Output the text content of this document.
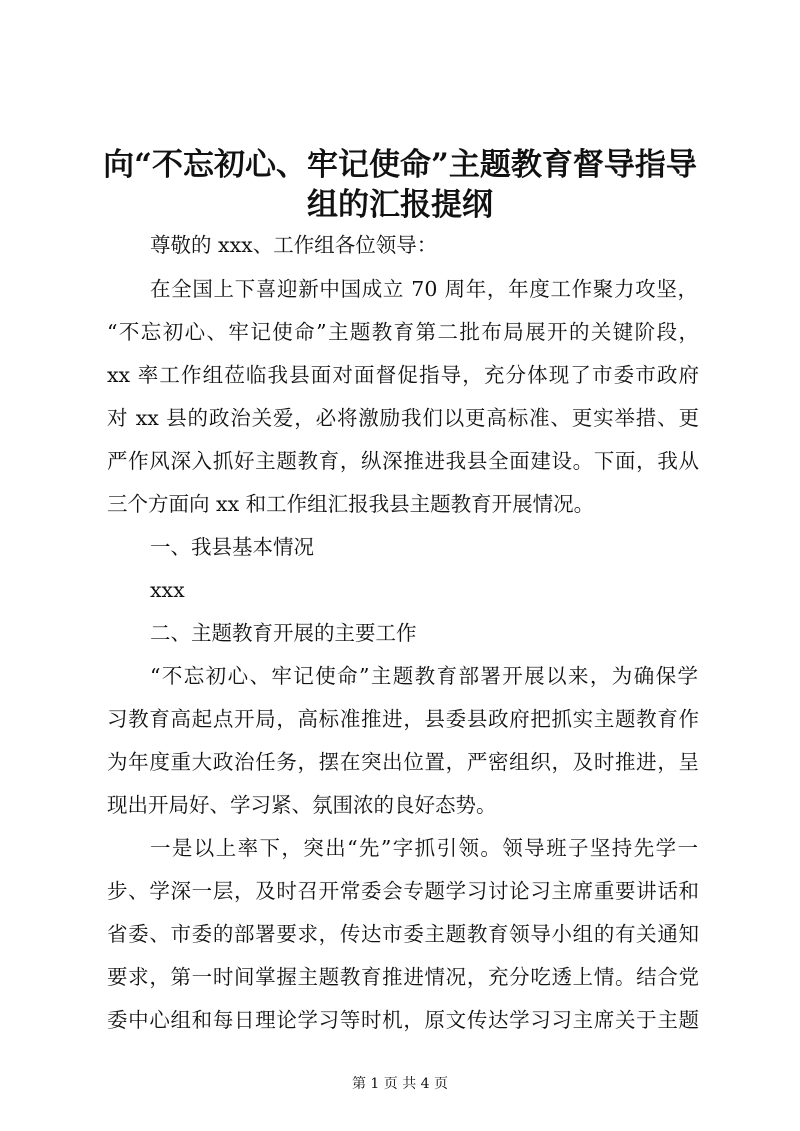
向“不忘初心、牢记使命”主题教育督导指导
组的汇报提纲
尊敬的 xxx、工作组各位领导：
在全国上下喜迎新中国成立 70 周年，年度工作聚力攻坚，
“不忘初心、牢记使命”主题教育第二批布局展开的关键阶段，
xx 率工作组莅临我县面对面督促指导，充分体现了市委市政府
对 xx 县的政治关爱，必将激励我们以更高标准、更实举措、更
严作风深入抓好主题教育，纵深推进我县全面建设。下面，我从
三个方面向 xx 和工作组汇报我县主题教育开展情况。
一、我县基本情况
xxx
二、主题教育开展的主要工作
“不忘初心、牢记使命”主题教育部署开展以来，为确保学
习教育高起点开局，高标准推进，县委县政府把抓实主题教育作
为年度重大政治任务，摆在突出位置，严密组织，及时推进，呈
现出开局好、学习紧、氛围浓的良好态势。
一是以上率下，突出“先”字抓引领。领导班子坚持先学一
步、学深一层，及时召开常委会专题学习讨论习主席重要讲话和
省委、市委的部署要求，传达市委主题教育领导小组的有关通知
要求，第一时间掌握主题教育推进情况，充分吃透上情。结合党
委中心组和每日理论学习等时机，原文传达学习习主席关于主题
第 1 页 共 4 页
